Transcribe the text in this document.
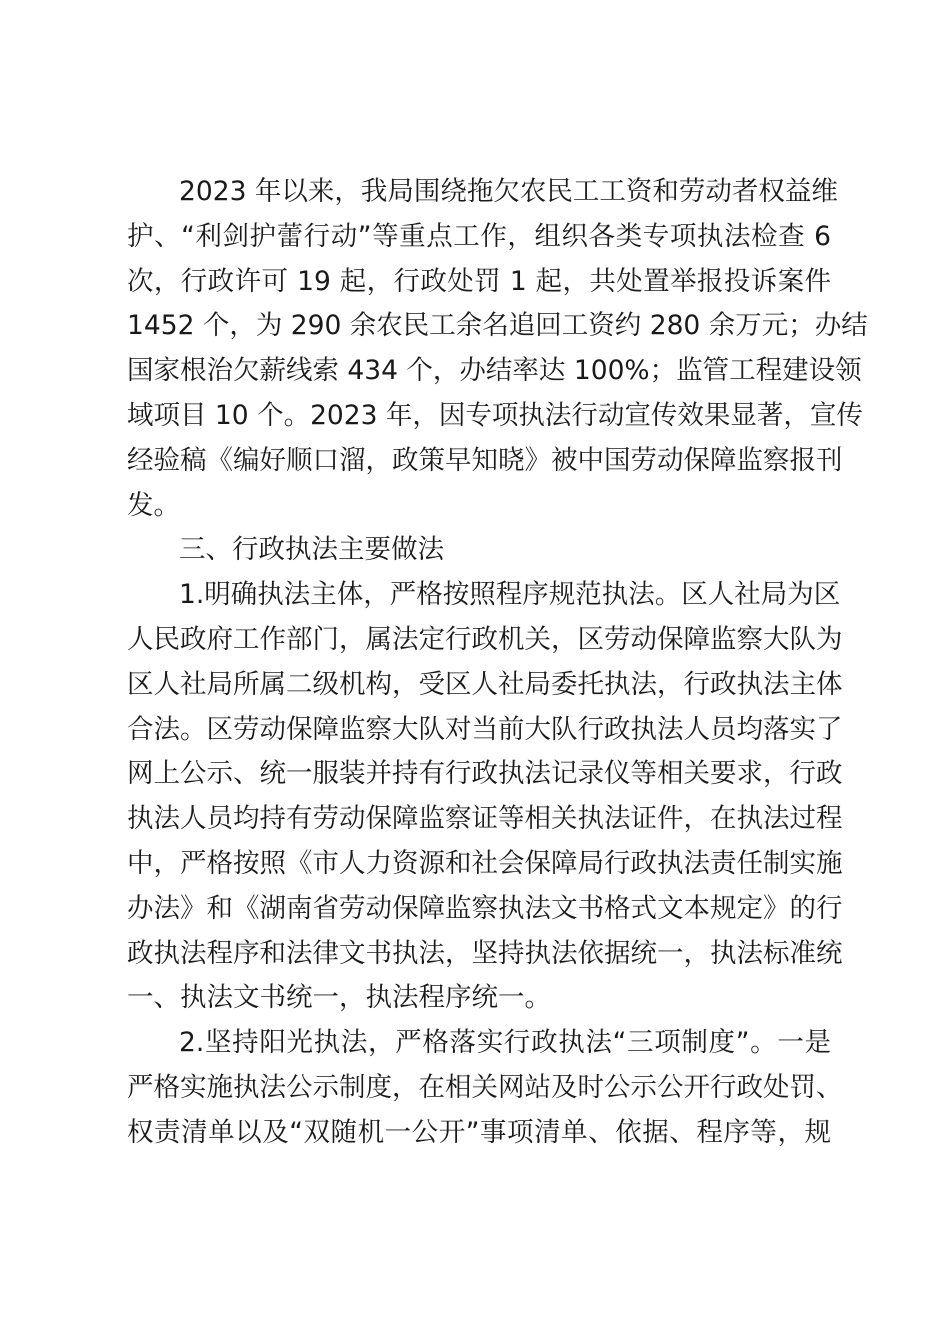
2023 年以来，我局围绕拖欠农民工工资和劳动者权益维
护、“利剑护蕾行动”等重点工作，组织各类专项执法检查 6
次，行政许可 19 起，行政处罚 1 起，共处置举报投诉案件
1452 个，为 290 余农民工余名追回工资约 280 余万元；办结
国家根治欠薪线索 434 个，办结率达 100%；监管工程建设领
域项目 10 个。2023 年，因专项执法行动宣传效果显著，宣传
经验稿《编好顺口溜，政策早知晓》被中国劳动保障监察报刊
发。
三、行政执法主要做法
1.明确执法主体，严格按照程序规范执法。区人社局为区
人民政府工作部门，属法定行政机关，区劳动保障监察大队为
区人社局所属二级机构，受区人社局委托执法，行政执法主体
合法。区劳动保障监察大队对当前大队行政执法人员均落实了
网上公示、统一服装并持有行政执法记录仪等相关要求，行政
执法人员均持有劳动保障监察证等相关执法证件，在执法过程
中，严格按照《市人力资源和社会保障局行政执法责任制实施
办法》和《湖南省劳动保障监察执法文书格式文本规定》的行
政执法程序和法律文书执法，坚持执法依据统一，执法标准统
一、执法文书统一，执法程序统一。
2.坚持阳光执法，严格落实行政执法“三项制度”。一是
严格实施执法公示制度，在相关网站及时公示公开行政处罚、
权责清单以及“双随机一公开”事项清单、依据、程序等，规
